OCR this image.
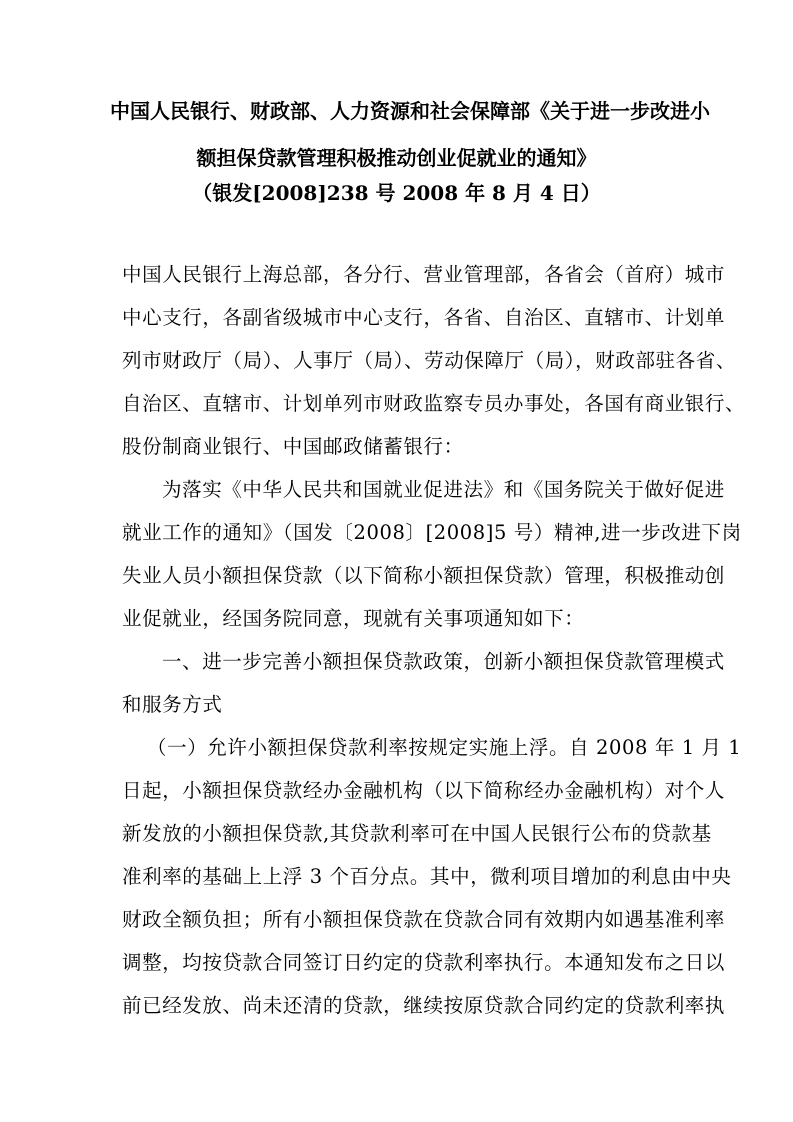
中国人民银行、财政部、人力资源和社会保障部《关于进一步改进小
额担保贷款管理积极推动创业促就业的通知》
（银发[2008]238 号 2008 年 8 月 4 日）
中国人民银行上海总部，各分行、营业管理部，各省会（首府）城市
中心支行，各副省级城市中心支行，各省、自治区、直辖市、计划单
列市财政厅（局）、人事厅（局）、劳动保障厅（局），财政部驻各省、
自治区、直辖市、计划单列市财政监察专员办事处，各国有商业银行、
股份制商业银行、中国邮政储蓄银行：
为落实《中华人民共和国就业促进法》和《国务院关于做好促进
就业工作的通知》（国发〔2008〕[2008]5 号）精神,进一步改进下岗
失业人员小额担保贷款（以下简称小额担保贷款）管理，积极推动创
业促就业，经国务院同意，现就有关事项通知如下：
一、进一步完善小额担保贷款政策，创新小额担保贷款管理模式
和服务方式
（一）允许小额担保贷款利率按规定实施上浮。自 2008 年 1 月 1
日起，小额担保贷款经办金融机构（以下简称经办金融机构）对个人
新发放的小额担保贷款,其贷款利率可在中国人民银行公布的贷款基
准利率的基础上上浮 3 个百分点。其中，微利项目增加的利息由中央
财政全额负担；所有小额担保贷款在贷款合同有效期内如遇基准利率
调整，均按贷款合同签订日约定的贷款利率执行。本通知发布之日以
前已经发放、尚未还清的贷款，继续按原贷款合同约定的贷款利率执
